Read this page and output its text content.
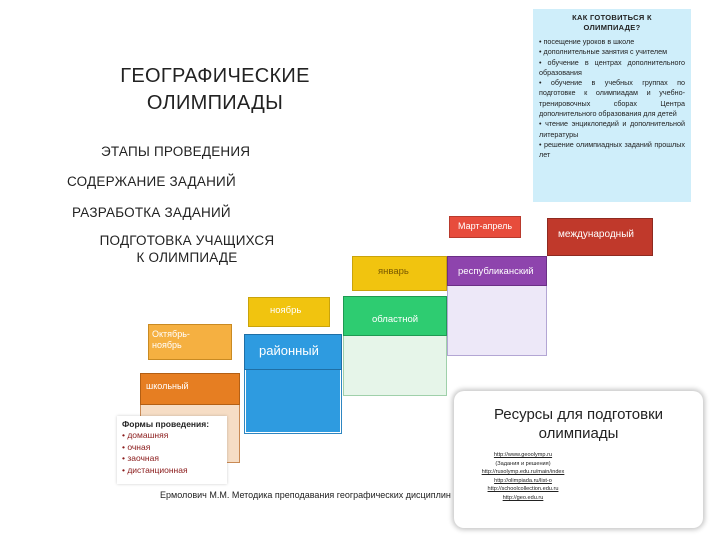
ГЕОГРАФИЧЕСКИЕ
ОЛИМПИАДЫ
ЭТАПЫ ПРОВЕДЕНИЯ
СОДЕРЖАНИЕ ЗАДАНИЙ
РАЗРАБОТКА ЗАДАНИЙ
ПОДГОТОВКА УЧАЩИХСЯ
К ОЛИМПИАДЕ
международный
Март-апрель
республиканский
январь
областной
ноябрь
районный
Октябрь-
ноябрь
школьный
КАК ГОТОВИТЬСЯ К
ОЛИМПИАДЕ?
• посещение уроков в школе
• дополнительные занятия с учителем
• обучение в центрах дополнительного образования
• обучение в учебных группах по подготовке к олимпиадам и учебно-тренировочных сборах Центра дополнительного образования для детей
• чтение энциклопедий и дополнительной литературы
• решение олимпиадных заданий прошлых лет
Формы проведения:
• домашняя
• очная
• заочная
• дистанционная
Ресурсы для подготовки
олимпиады
http://www.geoolymp.ru
(Задания и решения)
http://rusolymp.edu.ru/main/index
http://olimpiada.ru/list-o
http://schoolcollection.edu.ru
http://geo.edu.ru
Ермолович М.М. Методика преподавания географических дисциплин
